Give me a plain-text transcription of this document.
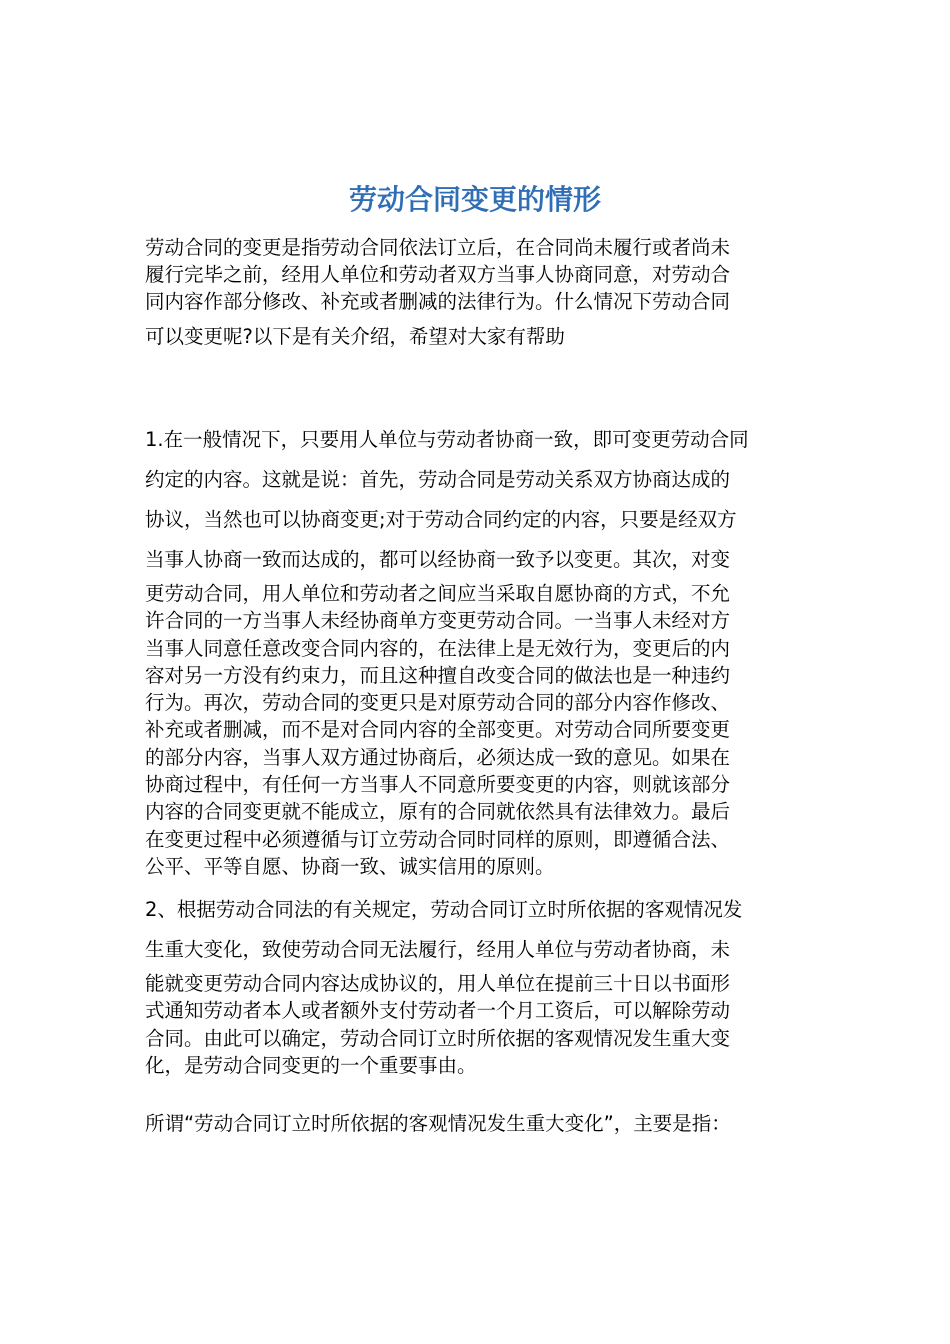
劳动合同变更的情形
劳动合同的变更是指劳动合同依法订立后，在合同尚未履行或者尚未
履行完毕之前，经用人单位和劳动者双方当事人协商同意，对劳动合
同内容作部分修改、补充或者删减的法律行为。什么情况下劳动合同
可以变更呢?以下是有关介绍，希望对大家有帮助
1.在一般情况下，只要用人单位与劳动者协商一致，即可变更劳动合同
约定的内容。这就是说：首先，劳动合同是劳动关系双方协商达成的
协议，当然也可以协商变更;对于劳动合同约定的内容，只要是经双方
当事人协商一致而达成的，都可以经协商一致予以变更。其次，对变
更劳动合同，用人单位和劳动者之间应当采取自愿协商的方式，不允
许合同的一方当事人未经协商单方变更劳动合同。一当事人未经对方
当事人同意任意改变合同内容的，在法律上是无效行为，变更后的内
容对另一方没有约束力，而且这种擅自改变合同的做法也是一种违约
行为。再次，劳动合同的变更只是对原劳动合同的部分内容作修改、
补充或者删减，而不是对合同内容的全部变更。对劳动合同所要变更
的部分内容，当事人双方通过协商后，必须达成一致的意见。如果在
协商过程中，有任何一方当事人不同意所要变更的内容，则就该部分
内容的合同变更就不能成立，原有的合同就依然具有法律效力。最后
在变更过程中必须遵循与订立劳动合同时同样的原则，即遵循合法、
公平、平等自愿、协商一致、诚实信用的原则。
2、根据劳动合同法的有关规定，劳动合同订立时所依据的客观情况发
生重大变化，致使劳动合同无法履行，经用人单位与劳动者协商，未
能就变更劳动合同内容达成协议的，用人单位在提前三十日以书面形
式通知劳动者本人或者额外支付劳动者一个月工资后，可以解除劳动
合同。由此可以确定，劳动合同订立时所依据的客观情况发生重大变
化，是劳动合同变更的一个重要事由。

所谓“劳动合同订立时所依据的客观情况发生重大变化”，主要是指：
